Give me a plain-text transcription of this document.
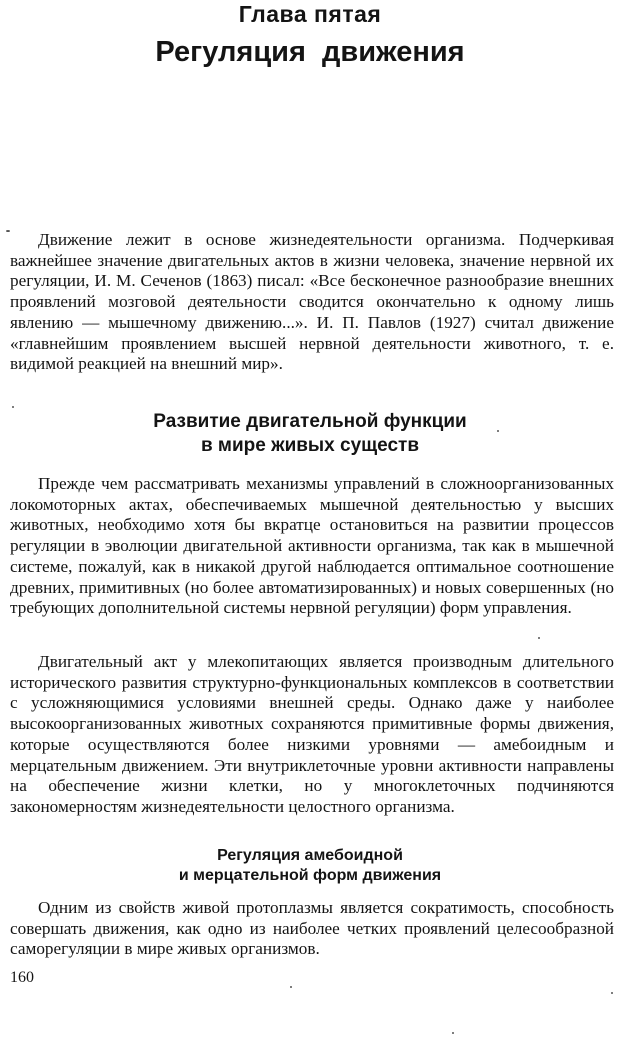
Глава пятая
Регуляция движения

Движение лежит в основе жизнедеятельности организма. Подчеркивая важнейшее значение двигательных актов в жизни человека, значение нервной их регуляции, И. М. Сеченов (1863) писал: «Все бесконечное разнообразие внешних проявлений мозговой деятельности сводится окончательно к одному лишь явлению — мышечному движению...». И. П. Павлов (1927) считал движение «главнейшим проявлением высшей нервной деятельности животного, т. е. видимой реакцией на внешний мир».

Развитие двигательной функции
в мире живых существ

Прежде чем рассматривать механизмы управлений в сложноорганизованных локомоторных актах, обеспечиваемых мышечной деятельностью у высших животных, необходимо хотя бы вкратце остановиться на развитии процессов регуляции в эволюции двигательной активности организма, так как в мышечной системе, пожалуй, как в никакой другой наблюдается оптимальное соотношение древних, примитивных (но более автоматизированных) и новых совершенных (но требующих дополнительной системы нервной регуляции) форм управления.

Двигательный акт у млекопитающих является производным длительного исторического развития структурно-функциональных комплексов в соответствии с усложняющимися условиями внешней среды. Однако даже у наиболее высокоорганизованных животных сохраняются примитивные формы движения, которые осуществляются более низкими уровнями — амебоидным и мерцательным движением. Эти внутриклеточные уровни активности направлены на обеспечение жизни клетки, но у многоклеточных подчиняются закономерностям жизнедеятельности целостного организма.

Регуляция амебоидной
и мерцательной форм движения

Одним из свойств живой протоплазмы является сократимость, способность совершать движения, как одно из наиболее четких проявлений целесообразной саморегуляции в мире живых организмов.

160
